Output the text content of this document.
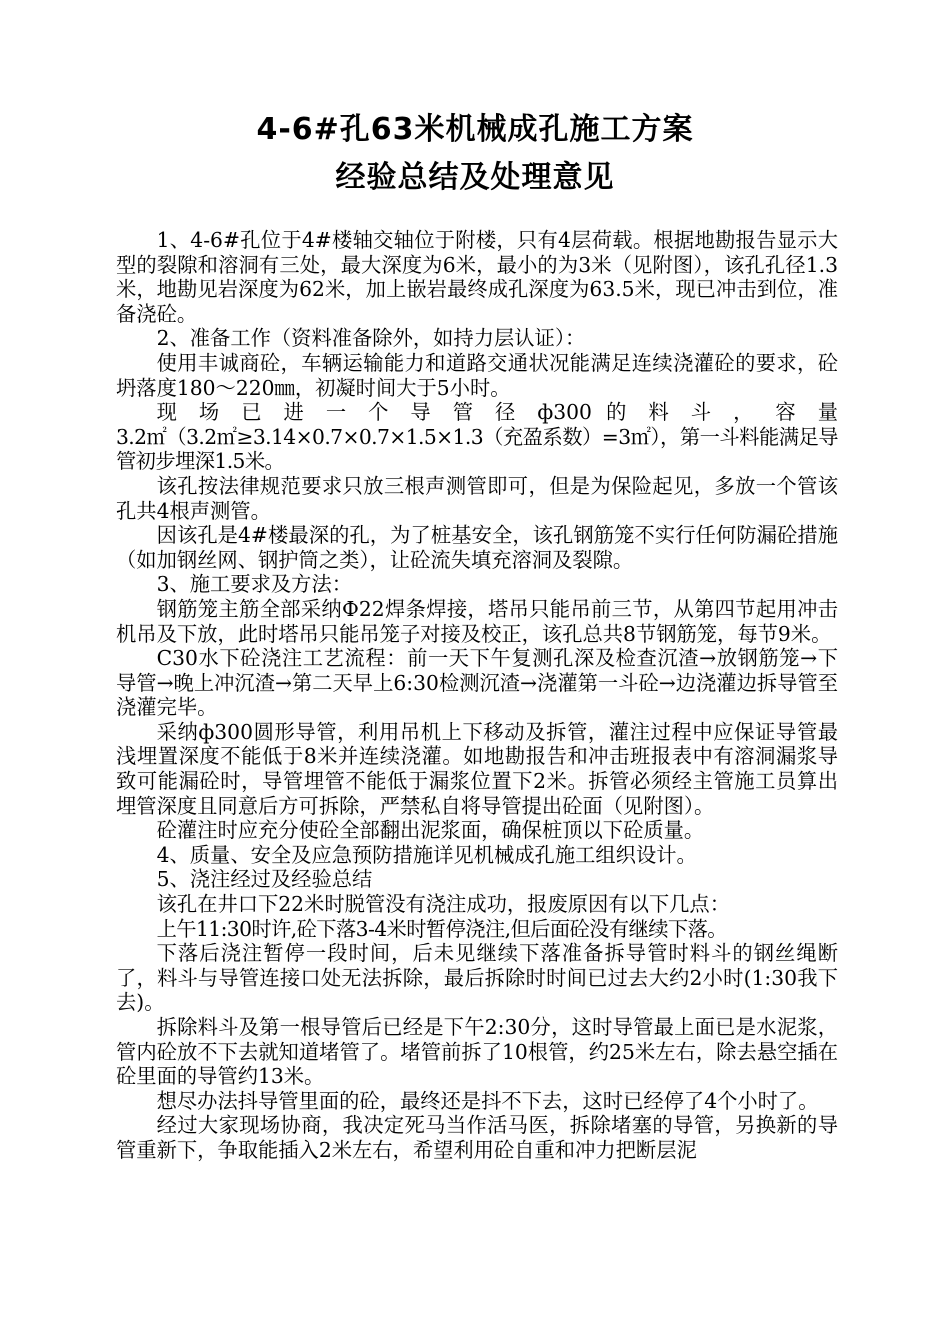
4-6#孔63米机械成孔施工方案
经验总结及处理意见

1、4-6#孔位于4#楼轴交轴位于附楼，只有4层荷载。根据地勘报告显示大型的裂隙和溶洞有三处，最大深度为6米，最小的为3米（见附图），该孔孔径1.3米，地勘见岩深度为62米，加上嵌岩最终成孔深度为63.5米，现已冲击到位，准备浇砼。

2、准备工作（资料准备除外，如持力层认证）：

使用丰诚商砼，车辆运输能力和道路交通状况能满足连续浇灌砼的要求，砼坍落度180～220㎜，初凝时间大于5小时。

现 场 已 进 一 个 导 管 径 ф300 的 料 斗 ， 容 量

3.2㎡（3.2㎡≥3.14×0.7×0.7×1.5×1.3（充盈系数）=3㎡），第一斗料能满足导管初步埋深1.5米。

该孔按法律规范要求只放三根声测管即可，但是为保险起见，多放一个管该孔共4根声测管。

因该孔是4#楼最深的孔，为了桩基安全，该孔钢筋笼不实行任何防漏砼措施（如加钢丝网、钢护筒之类），让砼流失填充溶洞及裂隙。

3、施工要求及方法：

钢筋笼主筋全部采纳Ф22焊条焊接，塔吊只能吊前三节，从第四节起用冲击机吊及下放，此时塔吊只能吊笼子对接及校正，该孔总共8节钢筋笼，每节9米。

C30水下砼浇注工艺流程：前一天下午复测孔深及检查沉渣→放钢筋笼→下导管→晚上冲沉渣→第二天早上6:30检测沉渣→浇灌第一斗砼→边浇灌边拆导管至浇灌完毕。

采纳ф300圆形导管，利用吊机上下移动及拆管，灌注过程中应保证导管最浅埋置深度不能低于8米并连续浇灌。如地勘报告和冲击班报表中有溶洞漏浆导致可能漏砼时，导管埋管不能低于漏浆位置下2米。拆管必须经主管施工员算出埋管深度且同意后方可拆除，严禁私自将导管提出砼面（见附图）。

砼灌注时应充分使砼全部翻出泥浆面，确保桩顶以下砼质量。

4、质量、安全及应急预防措施详见机械成孔施工组织设计。

5、浇注经过及经验总结

该孔在井口下22米时脱管没有浇注成功，报废原因有以下几点：

上午11:30时许,砼下落3-4米时暂停浇注,但后面砼没有继续下落。

下落后浇注暂停一段时间，后未见继续下落准备拆导管时料斗的钢丝绳断了，料斗与导管连接口处无法拆除，最后拆除时时间已过去大约2小时(1:30我下去)。

拆除料斗及第一根导管后已经是下午2:30分，这时导管最上面已是水泥浆，管内砼放不下去就知道堵管了。堵管前拆了10根管，约25米左右，除去悬空插在砼里面的导管约13米。

想尽办法抖导管里面的砼，最终还是抖不下去，这时已经停了4个小时了。

经过大家现场协商，我决定死马当作活马医，拆除堵塞的导管，另换新的导管重新下，争取能插入2米左右，希望利用砼自重和冲力把断层泥
